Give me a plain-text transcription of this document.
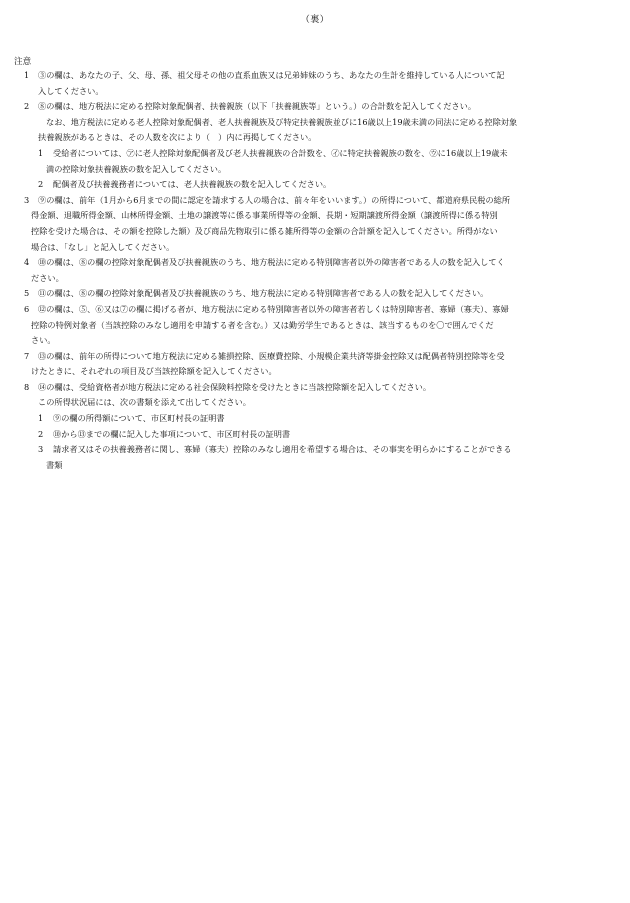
（裏）
注意
1 ③の欄は、あなたの子、父、母、孫、祖父母その他の直系血族又は兄弟姉妹のうち、あなたの生計を維持している人について記
入してください。
2 ⑧の欄は、地方税法に定める控除対象配偶者、扶養親族（以下「扶養親族等」という。）の合計数を記入してください。
なお、地方税法に定める老人控除対象配偶者、老人扶養親族及び特定扶養親族並びに16歳以上19歳未満の同法に定める控除対象
扶養親族があるときは、その人数を次により（　）内に再掲してください。
1 受給者については、㋐に老人控除対象配偶者及び老人扶養親族の合計数を、㋑に特定扶養親族の数を、㋒に16歳以上19歳未
満の控除対象扶養親族の数を記入してください。
2 配偶者及び扶養義務者については、老人扶養親族の数を記入してください。
3 ⑨の欄は、前年（1月から6月までの間に認定を請求する人の場合は、前々年をいいます。）の所得について、都道府県民税の総所
得金額、退職所得金額、山林所得金額、土地の譲渡等に係る事業所得等の金額、長期・短期譲渡所得金額（譲渡所得に係る特別
控除を受けた場合は、その額を控除した額）及び商品先物取引に係る雑所得等の金額の合計額を記入してください。所得がない
場合は、「なし」と記入してください。
4 ⑩の欄は、⑧の欄の控除対象配偶者及び扶養親族のうち、地方税法に定める特別障害者以外の障害者である人の数を記入してく
ださい。
5 ⑪の欄は、⑧の欄の控除対象配偶者及び扶養親族のうち、地方税法に定める特別障害者である人の数を記入してください。
6 ⑫の欄は、⑤、⑥又は⑦の欄に掲げる者が、地方税法に定める特別障害者以外の障害者若しくは特別障害者、寡婦（寡夫）、寡婦
控除の特例対象者（当該控除のみなし適用を申請する者を含む。）又は勤労学生であるときは、該当するものを〇で囲んでくだ
さい。
7 ⑬の欄は、前年の所得について地方税法に定める雑損控除、医療費控除、小規模企業共済等掛金控除又は配偶者特別控除等を受
けたときに、それぞれの項目及び当該控除額を記入してください。
8 ⑭の欄は、受給資格者が地方税法に定める社会保険料控除を受けたときに当該控除額を記入してください。
この所得状況届には、次の書類を添えて出してください。
1 ⑨の欄の所得額について、市区町村長の証明書
2 ⑩から⑬までの欄に記入した事項について、市区町村長の証明書
3 請求者又はその扶養義務者に関し、寡婦（寡夫）控除のみなし適用を希望する場合は、その事実を明らかにすることができる
書類
